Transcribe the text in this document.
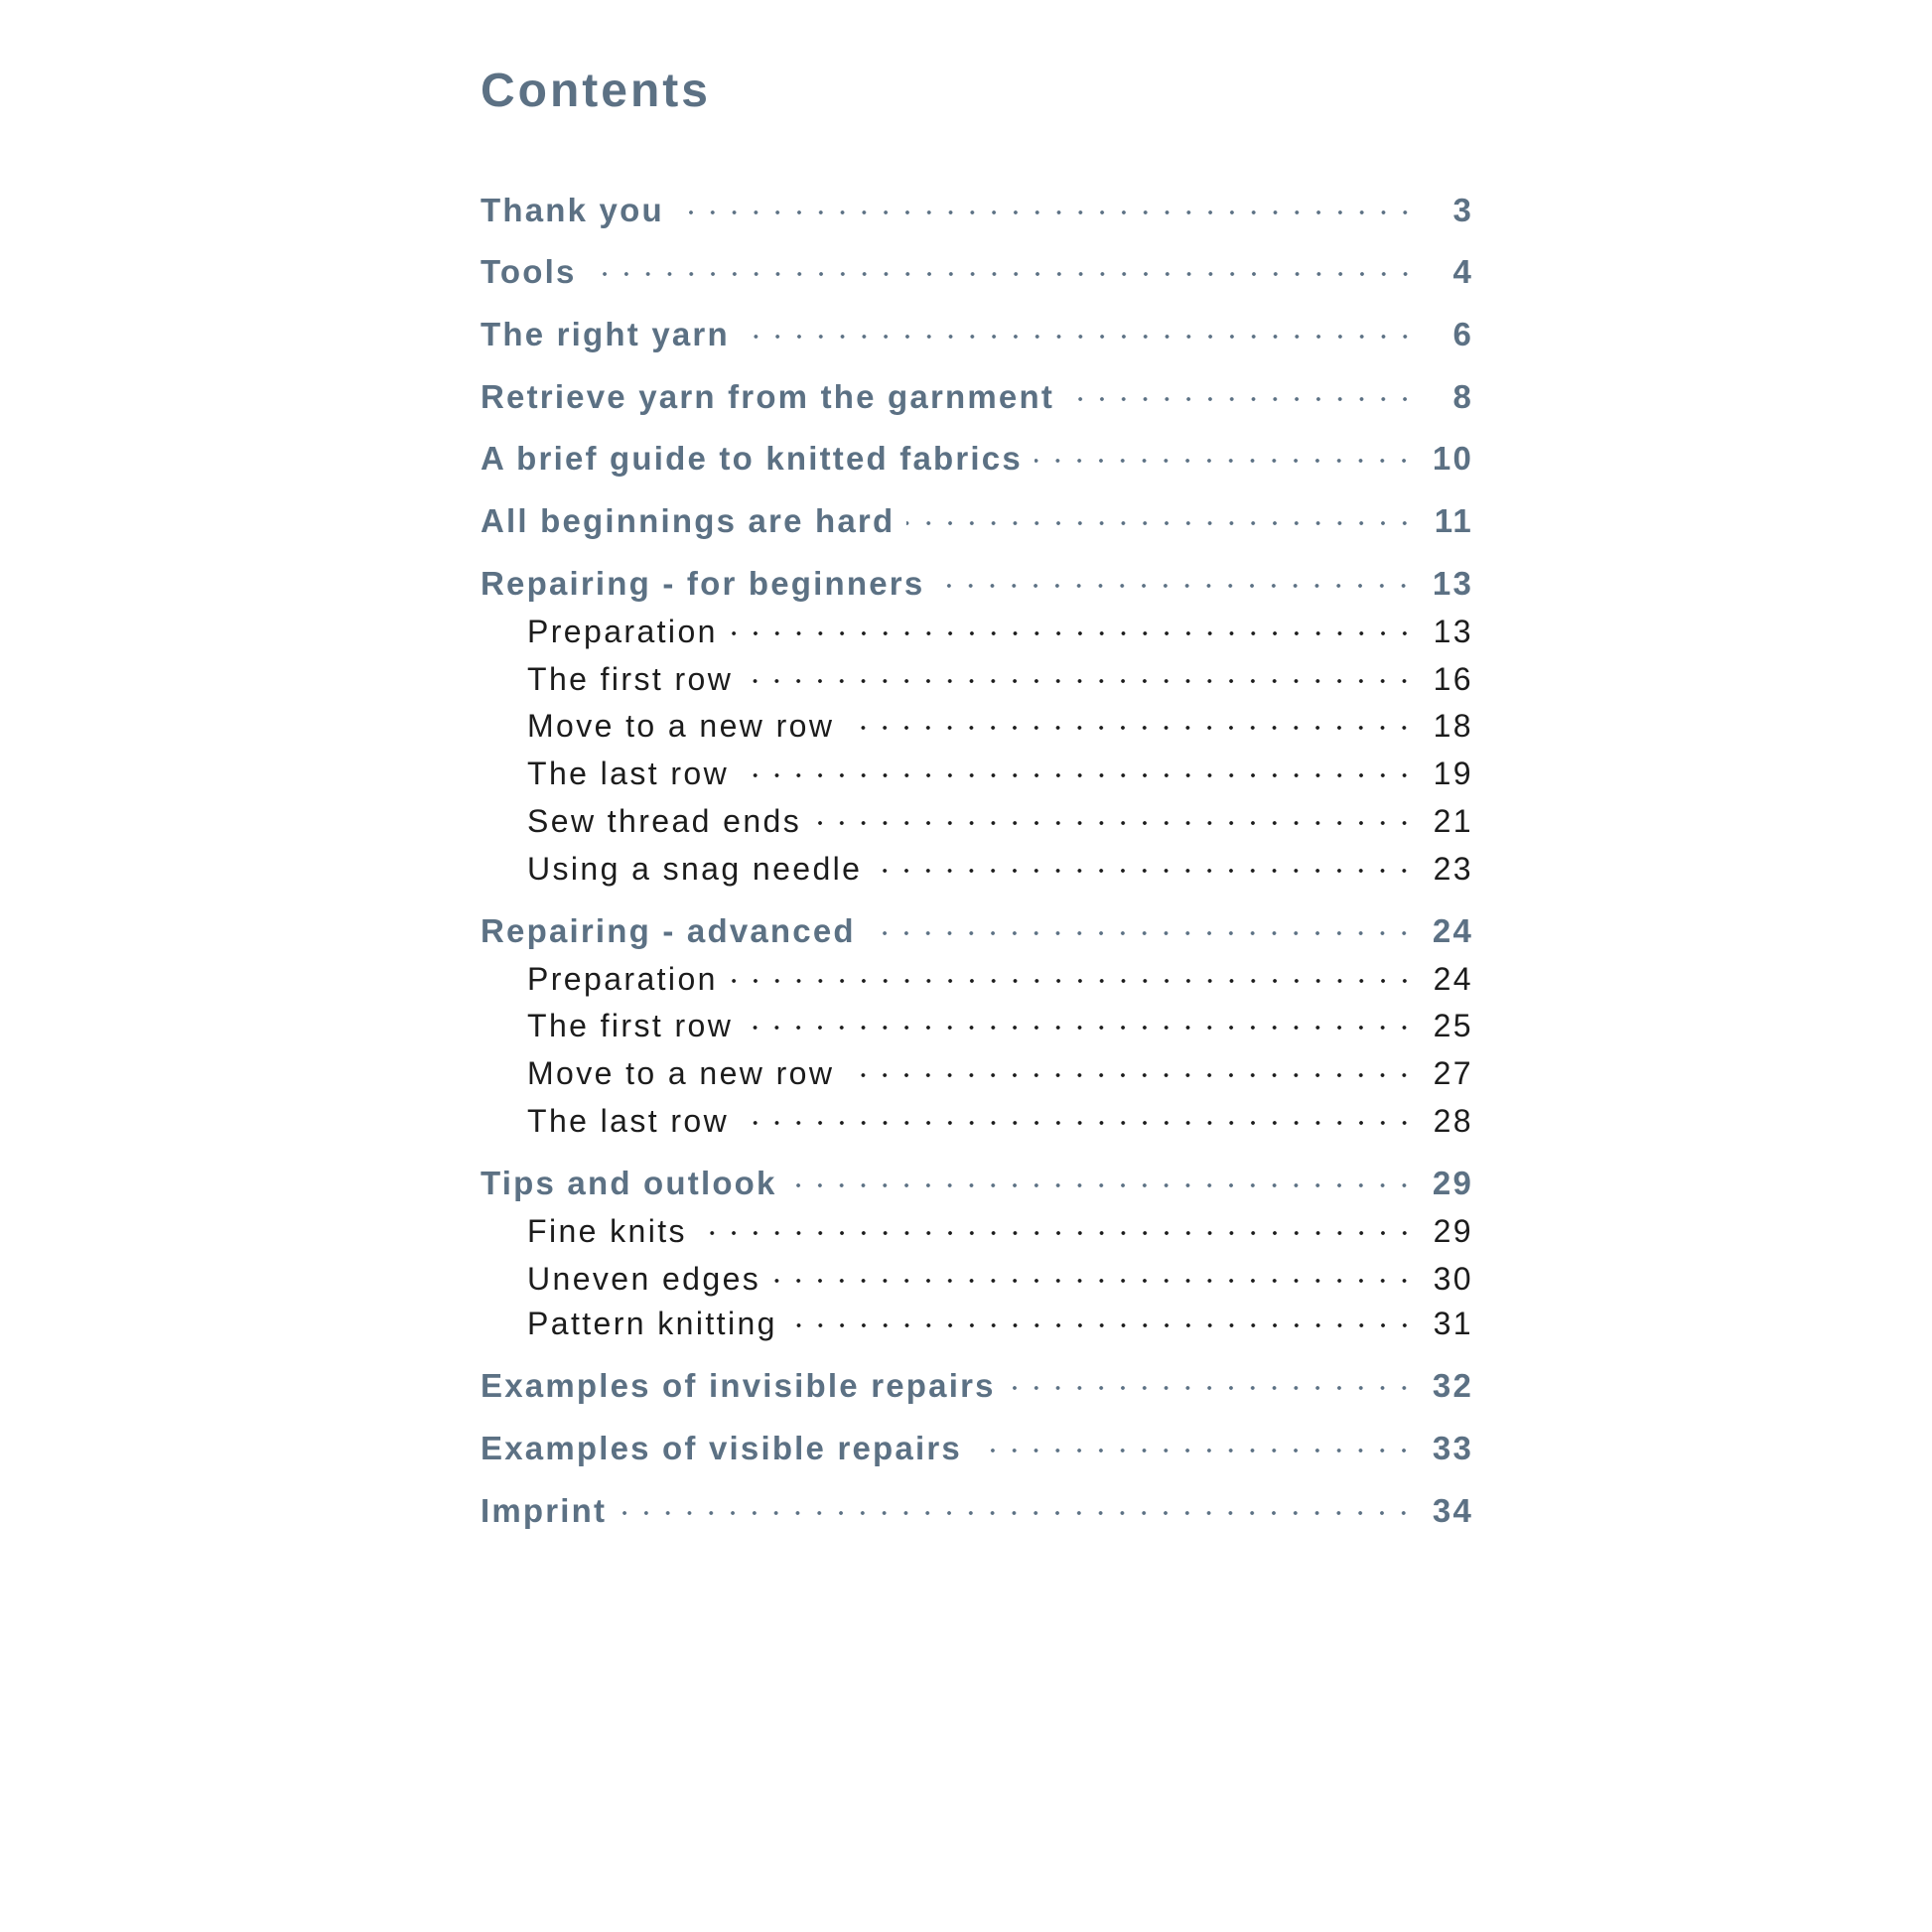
Contents
Thank you	3
Tools	4
The right yarn	6
Retrieve yarn from the garnment	8
A brief guide to knitted fabrics	10
All beginnings are hard	11
Repairing - for beginners	13
Preparation	13
The first row	16
Move to a new row	18
The last row	19
Sew thread ends	21
Using a snag needle	23
Repairing - advanced	24
Preparation	24
The first row	25
Move to a new row	27
The last row	28
Tips and outlook	29
Fine knits	29
Uneven edges	30
Pattern knitting	31
Examples of invisible repairs	32
Examples of visible repairs	33
Imprint	34
